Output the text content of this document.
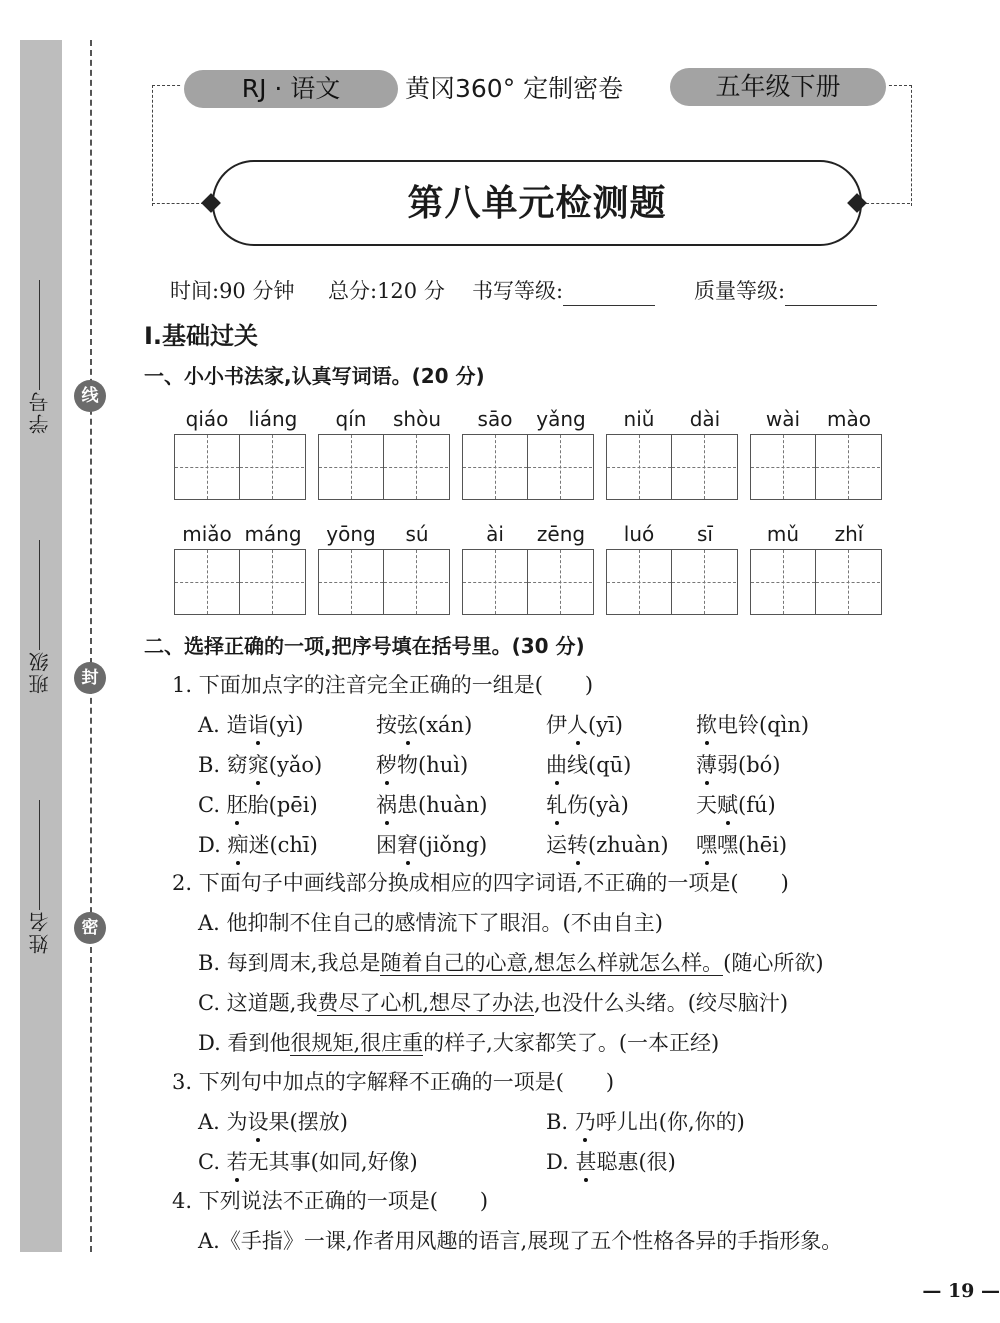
线
封
密
学号
班级
姓名
RJ · 语文	黄冈360° 定制密卷	五年级下册
第八单元检测题
时间:90 分钟 总分:120 分 书写等级:	质量等级:
Ⅰ.基础过关
一、小小书法家,认真写词语。(20 分)
qiáo	liáng	qín	shòu	sāo	yǎng	niǔ	dài	wài	mào
miǎo máng	yōng	sú	ài	zēng	luó	sī	mǔ	zhǐ
二、选择正确的一项,把序号填在括号里。(30 分)
1. 下面加点字的注音完全正确的一组是(　　)
A. 造诣(yì)	按弦(xán)	伊人(yī)	揿电铃(qìn)
B. 窈窕(yǎo)	秽物(huì)	曲线(qū)	薄弱(bó)
C. 胚胎(pēi)	祸患(huàn)	轧伤(yà)	天赋(fú)
D. 痴迷(chī)	困窘(jiǒng)	运转(zhuàn) 嘿嘿(hēi)
2. 下面句子中画线部分换成相应的四字词语,不正确的一项是(　　)
A. 他抑制不住自己的感情流下了眼泪。(不由自主)
B. 每到周末,我总是随着自己的心意,想怎么样就怎么样。(随心所欲)
C. 这道题,我费尽了心机,想尽了办法,也没什么头绪。(绞尽脑汁)
D. 看到他很规矩,很庄重的样子,大家都笑了。(一本正经)
3. 下列句中加点的字解释不正确的一项是(　　)
A. 为设果(摆放)	B. 乃呼儿出(你,你的)
C. 若无其事(如同,好像)	D. 甚聪惠(很)
4. 下列说法不正确的一项是(　　)
A.《手指》一课,作者用风趣的语言,展现了五个性格各异的手指形象。
— 19 —
